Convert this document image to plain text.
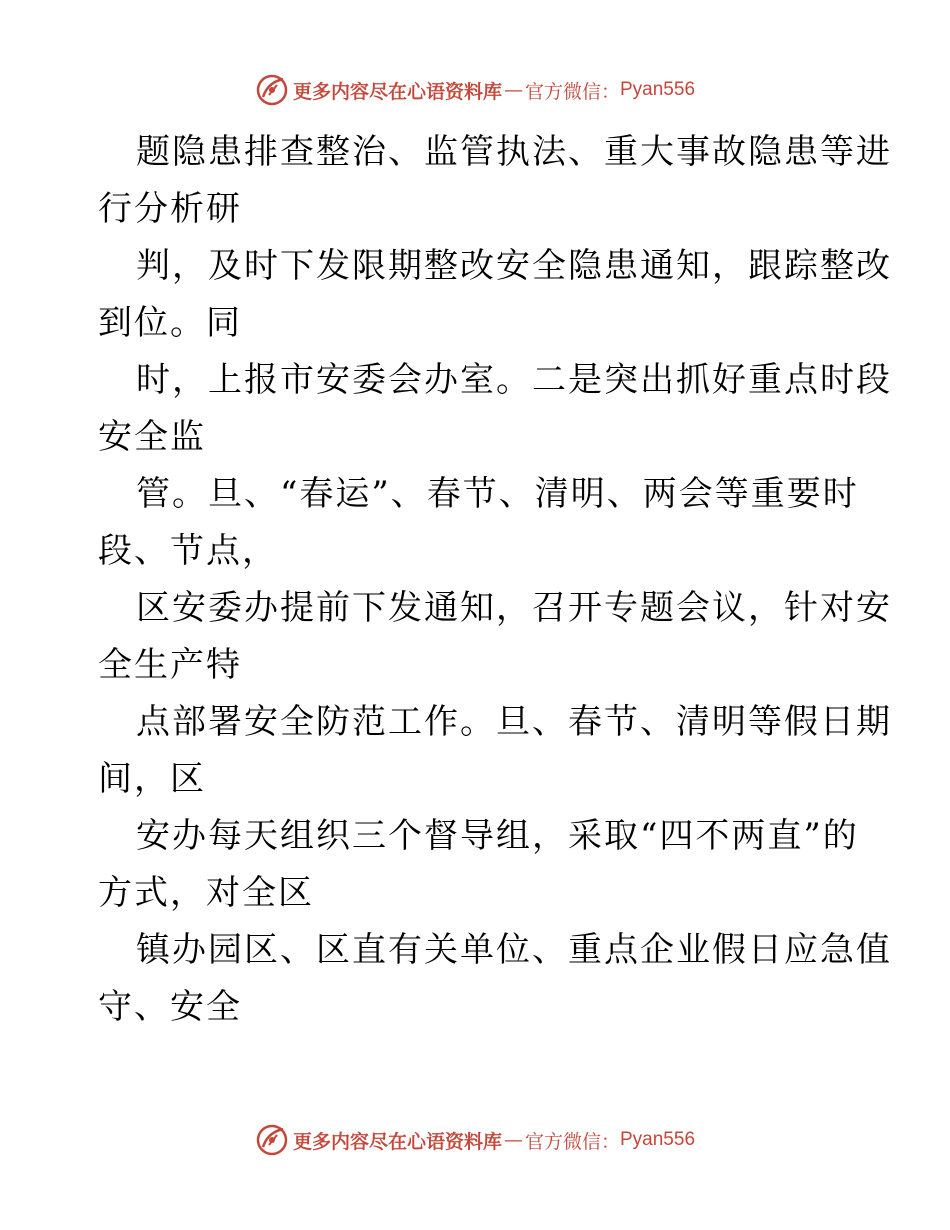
更多内容尽在心语资料库 — 官方微信： Pyan556

题隐患排查整治、监管执法、重大事故隐患等进
行分析研

判，及时下发限期整改安全隐患通知，跟踪整改
到位。同

时，上报市安委会办室。二是突出抓好重点时段
安全监

管。旦、“春运”、春节、清明、两会等重要时
段、节点，

区安委办提前下发通知，召开专题会议，针对安
全生产特

点部署安全防范工作。旦、春节、清明等假日期
间，区

安办每天组织三个督导组，采取“四不两直”的
方式，对全区

镇办园区、区直有关单位、重点企业假日应急值
守、安全

更多内容尽在心语资料库 — 官方微信： Pyan556
